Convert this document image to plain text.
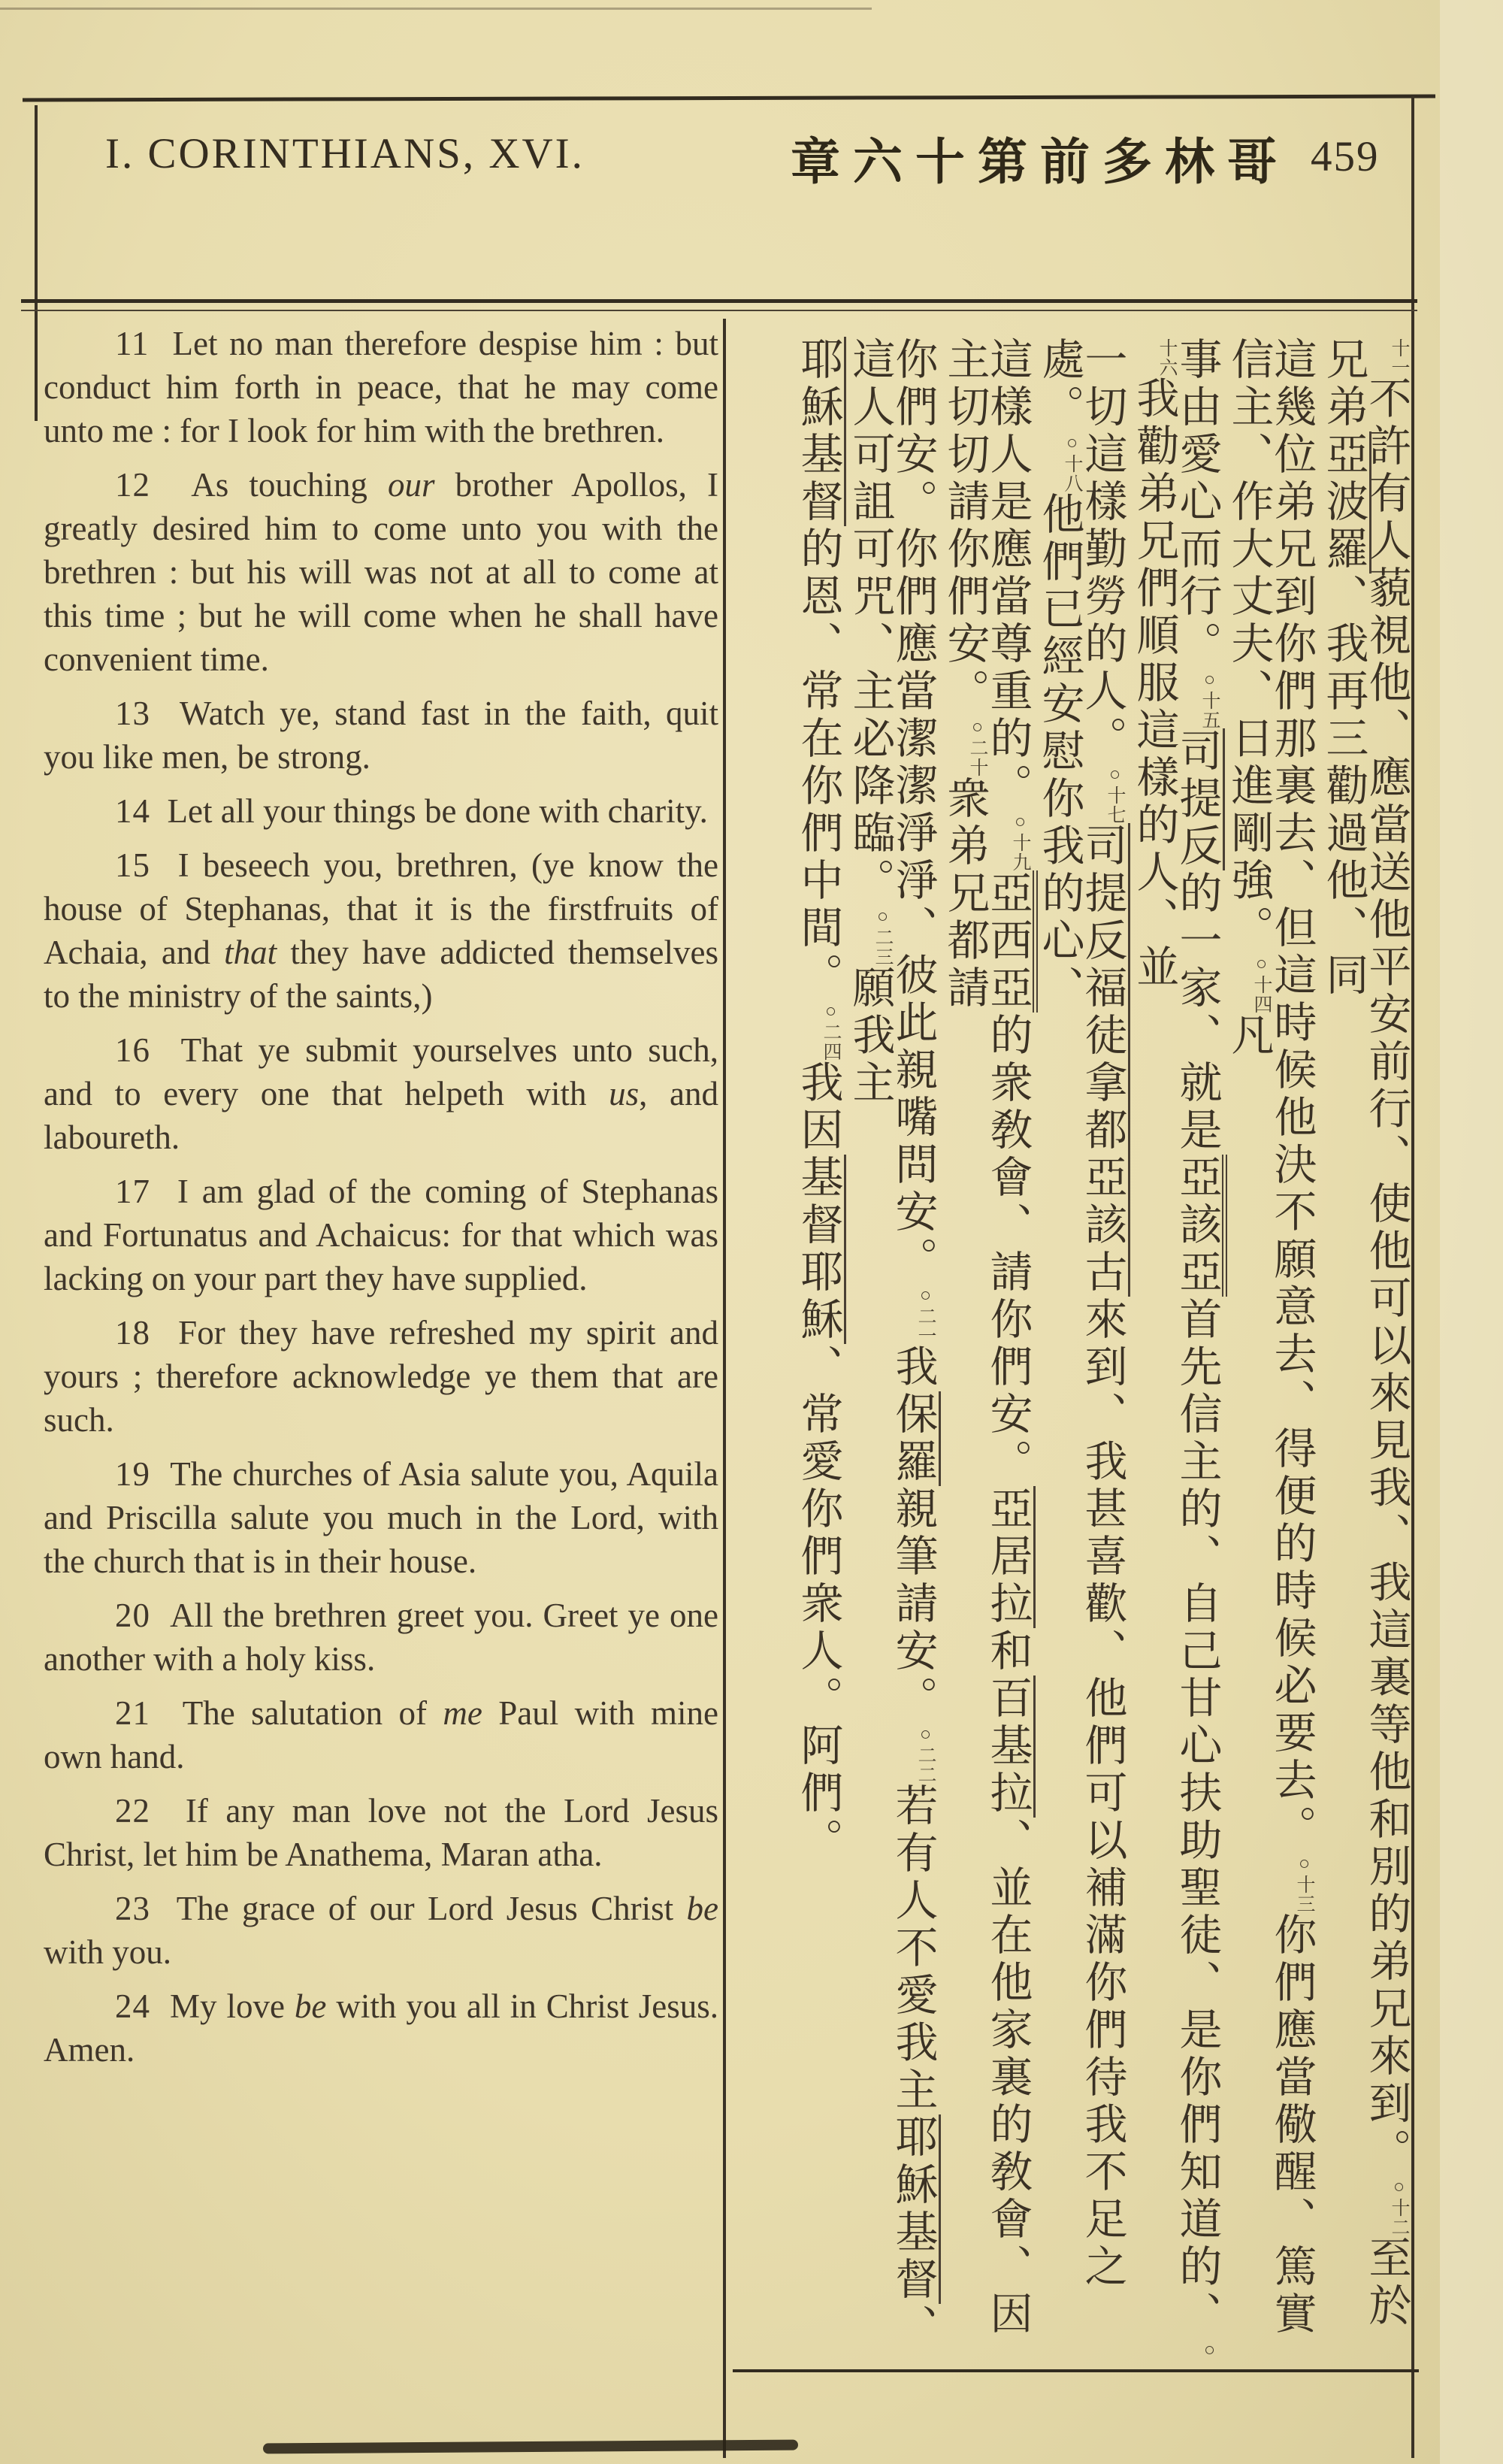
I. CORINTHIANS, XVI.	章六十第前多林哥 459

11 Let no man therefore despise him : but conduct him forth in peace, that he may come unto me : for I look for him with the brethren.

12 As touching our brother Apollos, I greatly desired him to come unto you with the brethren : but his will was not at all to come at this time ; but he will come when he shall have convenient time.

13 Watch ye, stand fast in the faith, quit you like men, be strong.

14 Let all your things be done with charity.

15 I beseech you, brethren, (ye know the house of Stephanas, that it is the firstfruits of Achaia, and that they have addicted themselves to the ministry of the saints,)

16 That ye submit yourselves unto such, and to every one that helpeth with us, and laboureth.

17 I am glad of the coming of Stephanas and Fortunatus and Achaicus: for that which was lacking on your part they have supplied.

18 For they have refreshed my spirit and yours ; therefore acknowledge ye them that are such.

19 The churches of Asia salute you, Aquila and Priscilla salute you much in the Lord, with the church that is in their house.

20 All the brethren greet you. Greet ye one another with a holy kiss.

21 The salutation of me Paul with mine own hand.

22 If any man love not the Lord Jesus Christ, let him be Anathema, Maran atha.

23 The grace of our Lord Jesus Christ be with you.

24 My love be with you all in Christ Jesus. Amen.

十一不許有人藐視他、應當送他平安前行、使他可以來見我、我這裏等他和別的弟兄來到。○十二至於兄弟亞波羅、我再三勸過他、同
這幾位弟兄到你們那裏去、但這時候他決不願意去、得便的時候必要去。○十三你們應當儆醒、篤實信主、作大丈夫、日進剛強。○十四凡
事由愛心而行。○十五司提反的一家、就是亞該亞首先信主的、自己甘心扶助聖徒、是你們知道的、○十六我勸弟兄們順服這樣的人、並
一切這樣勤勞的人。○十七司提反福徒拿都亞該古來到、我甚喜歡、他們可以補滿你們待我不足之處。○十八他們已經安慰你我的心、
這樣人是應當尊重的。○十九亞西亞的衆敎會、請你們安。亞居拉和百基拉、並在他家裏的敎會、因主切切請你們安。○二十衆弟兄都請
你們安。你們應當潔潔淨淨、彼此親嘴問安。○二一我保羅親筆請安。○二二若有人不愛我主耶穌基督、這人可詛可咒、主必降臨。○二三願我主
耶穌基督的恩、常在你們中間。○二四我因基督耶穌、常愛你們衆人。阿們。
